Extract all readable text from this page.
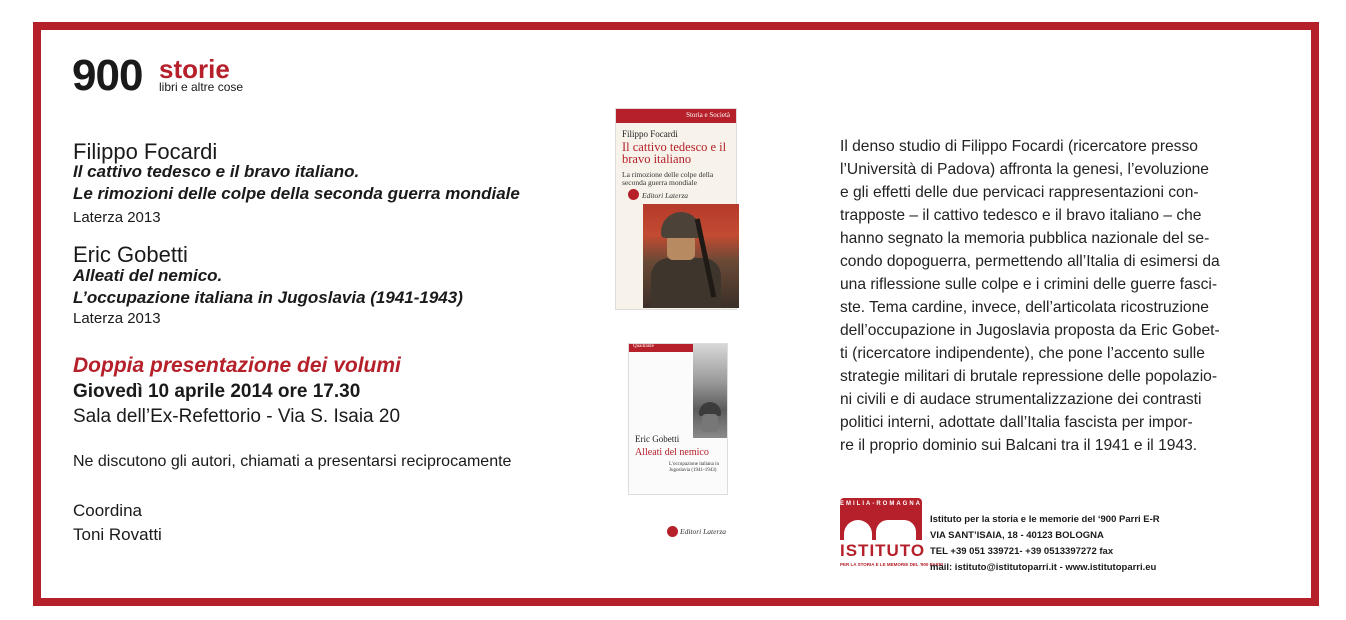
900 storie
libri e altre cose
Filippo Focardi
Il cattivo tedesco e il bravo italiano.
Le rimozioni delle colpe della seconda guerra mondiale
Laterza 2013
Eric Gobetti
Alleati del nemico.
L’occupazione italiana in Jugoslavia (1941-1943)
Laterza 2013
Doppia presentazione dei volumi
Giovedì 10 aprile 2014 ore 17.30
Sala dell’Ex-Refettorio - Via S. Isaia 20
Ne discutono gli autori, chiamati a presentarsi reciprocamente
Coordina
Toni Rovatti
Storia e Società
Filippo Focardi
Il cattivo tedesco e il bravo italiano
La rimozione delle colpe della seconda guerra mondiale
Editori Laterza
Quadrante
Eric Gobetti
Alleati del nemico
L'occupazione italiana in Jugoslavia (1941-1943)
Editori Laterza

Il denso studio di Filippo Focardi (ricercatore presso

l’Università di Padova) affronta la genesi, l’evoluzione

e gli effetti delle due pervicaci rappresentazioni con-

trapposte – il cattivo tedesco e il bravo italiano – che

hanno segnato la memoria pubblica nazionale del se-

condo dopoguerra, permettendo all’Italia di esimersi da

una riflessione sulle colpe e i crimini delle guerre fasci-

ste. Tema cardine, invece, dell’articolata ricostruzione

dell’occupazione in Jugoslavia proposta da Eric Gobet-

ti (ricercatore indipendente), che pone l’accento sulle

strategie militari di brutale repressione delle popolazio-

ni civili e di audace strumentalizzazione dei contrasti

politici interni, adottate dall’Italia fascista per impor-

re il proprio dominio sui Balcani tra il 1941 e il 1943.

EMILIA-ROMAGNA
ISTITUTO
PER LA STORIA E LE MEMORIE DEL '900 PARRI
Istituto per la storia e le memorie del ‘900 Parri E-R
VIA SANT’ISAIA, 18 - 40123 BOLOGNA
TEL +39 051 339721- +39 0513397272 fax
mail: istituto@istitutoparri.it - www.istitutoparri.eu
